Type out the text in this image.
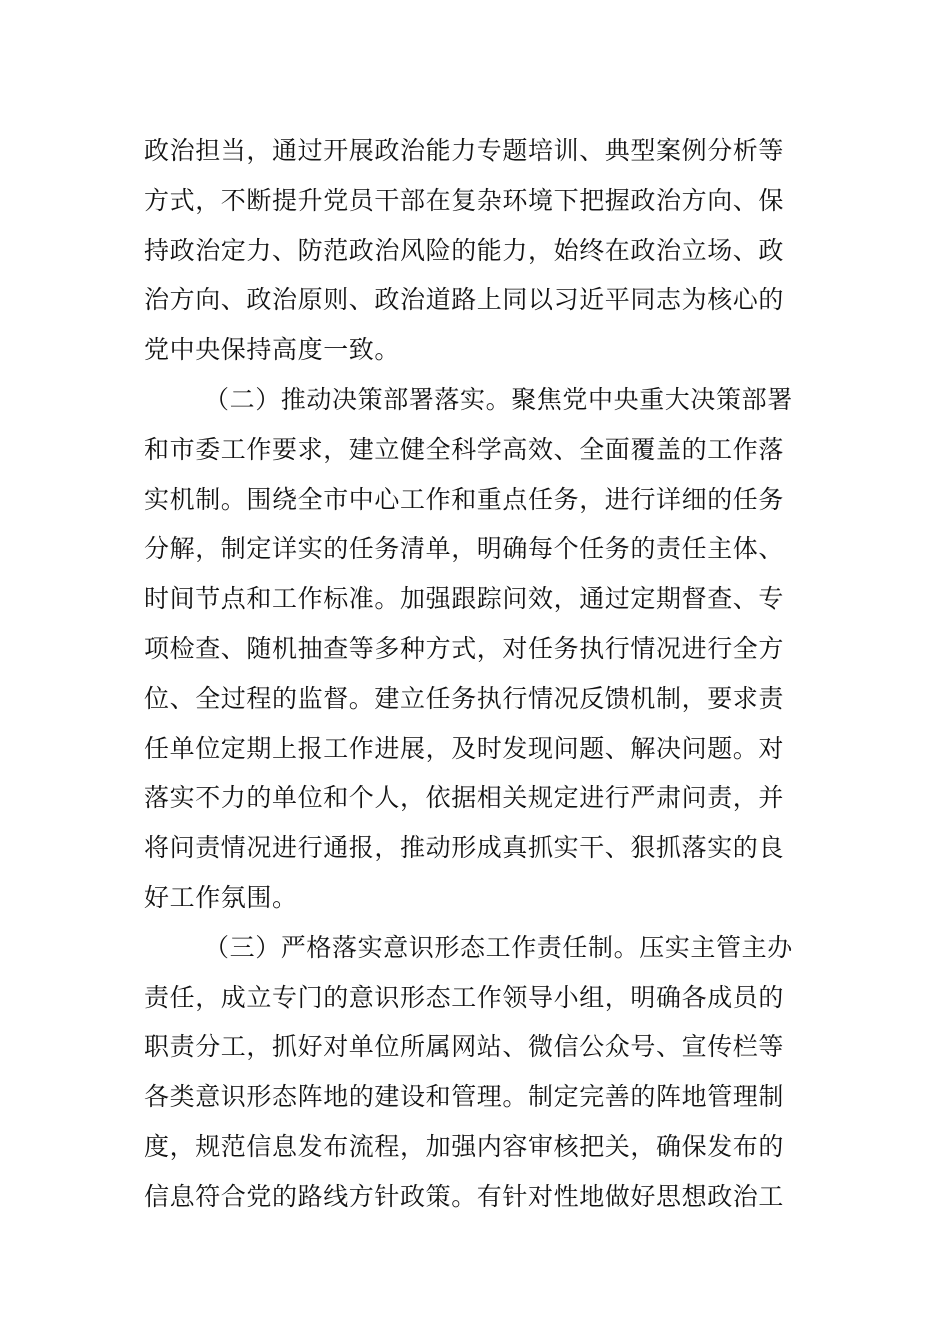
政治担当，通过开展政治能力专题培训、典型案例分析等
方式，不断提升党员干部在复杂环境下把握政治方向、保
持政治定力、防范政治风险的能力，始终在政治立场、政
治方向、政治原则、政治道路上同以习近平同志为核心的
党中央保持高度一致。
（二）推动决策部署落实。聚焦党中央重大决策部署
和市委工作要求，建立健全科学高效、全面覆盖的工作落
实机制。围绕全市中心工作和重点任务，进行详细的任务
分解，制定详实的任务清单，明确每个任务的责任主体、
时间节点和工作标准。加强跟踪问效，通过定期督查、专
项检查、随机抽查等多种方式，对任务执行情况进行全方
位、全过程的监督。建立任务执行情况反馈机制，要求责
任单位定期上报工作进展，及时发现问题、解决问题。对
落实不力的单位和个人，依据相关规定进行严肃问责，并
将问责情况进行通报，推动形成真抓实干、狠抓落实的良
好工作氛围。
（三）严格落实意识形态工作责任制。压实主管主办
责任，成立专门的意识形态工作领导小组，明确各成员的
职责分工，抓好对单位所属网站、微信公众号、宣传栏等
各类意识形态阵地的建设和管理。制定完善的阵地管理制
度，规范信息发布流程，加强内容审核把关，确保发布的
信息符合党的路线方针政策。有针对性地做好思想政治工
